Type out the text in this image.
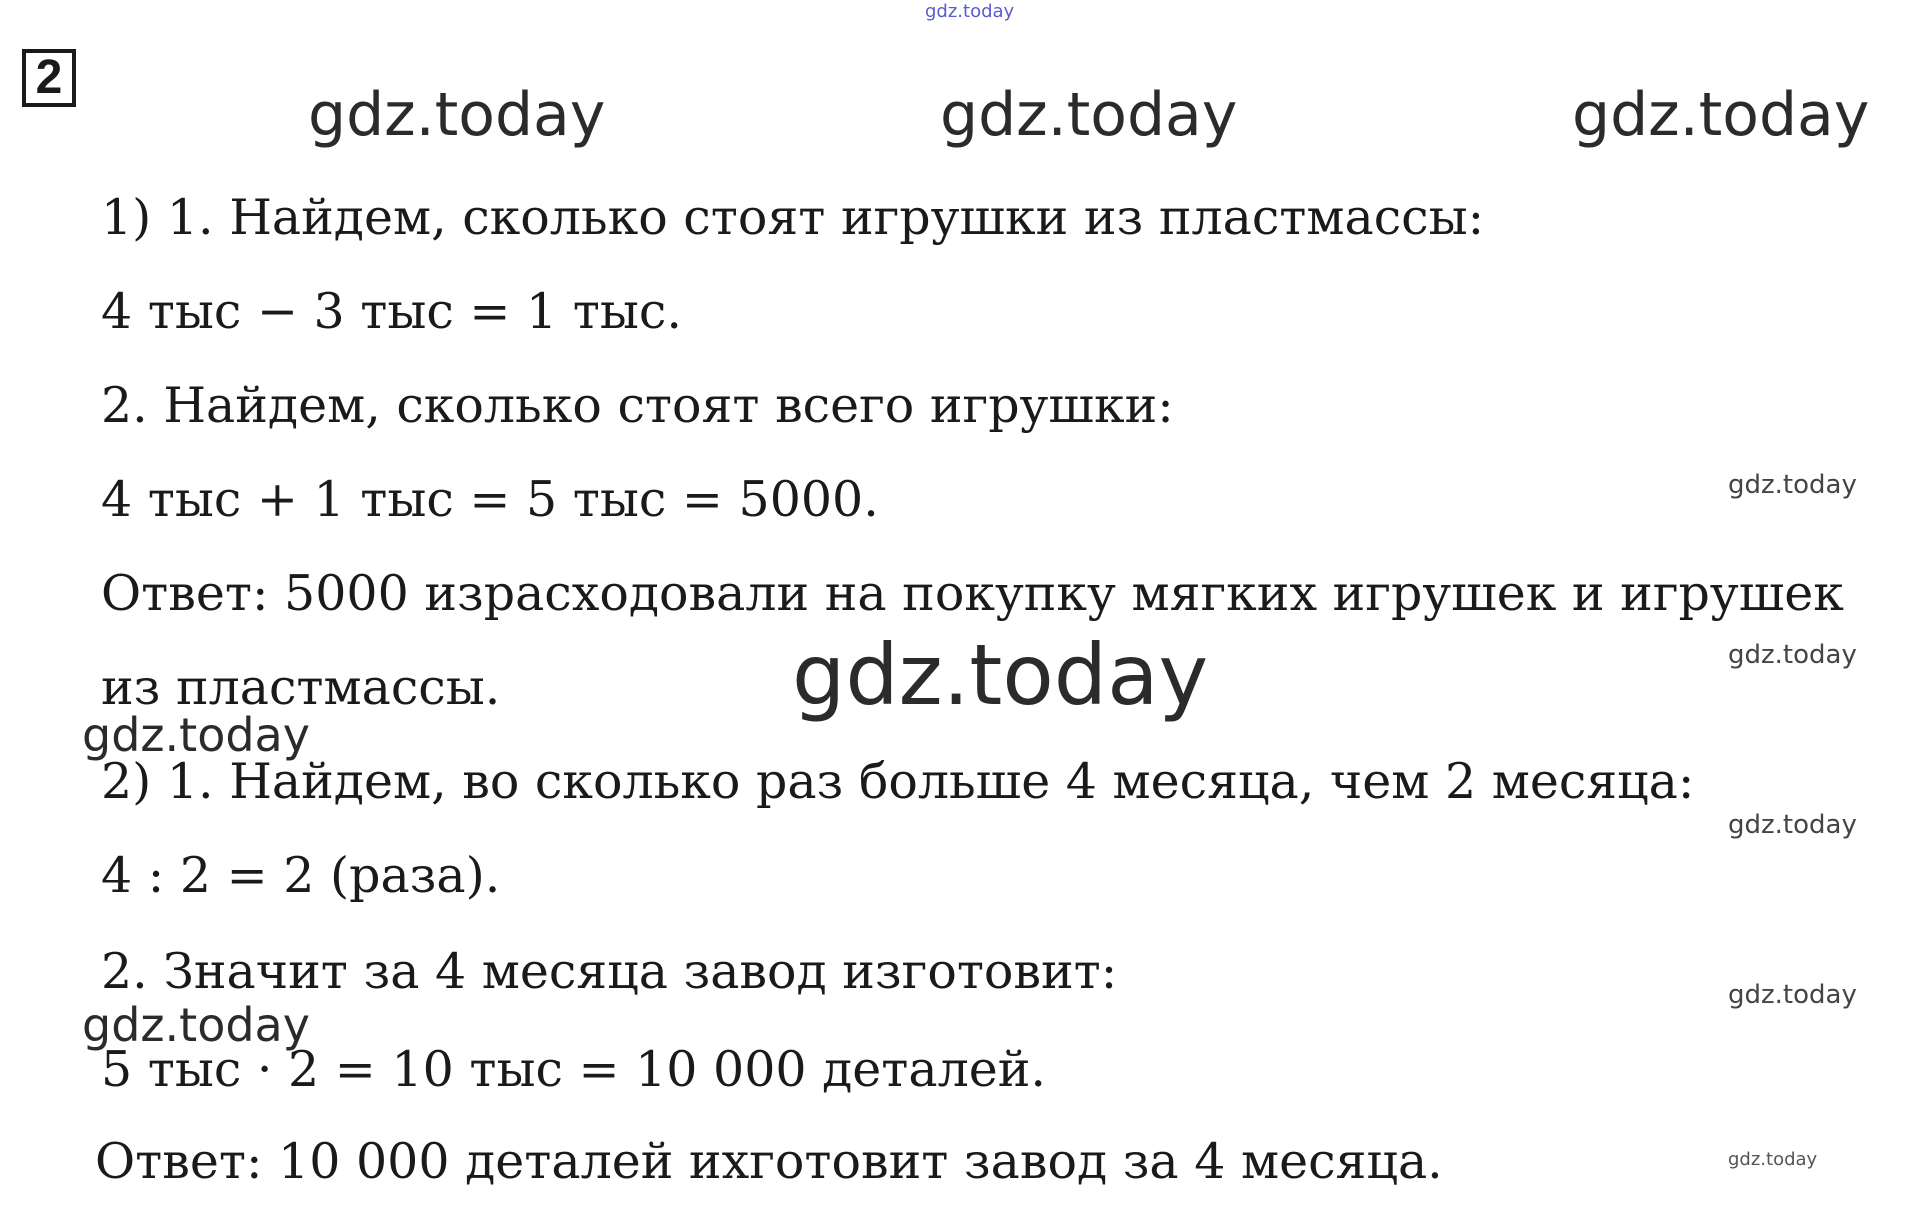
gdz.today
2
gdz.today	gdz.today	gdz.today
1) 1. Найдем, сколько стоят игрушки из пластмассы:
4 тыс − 3 тыс = 1 тыс.
2. Найдем, сколько стоят всего игрушки:
4 тыс + 1 тыс = 5 тыс = 5000.
Ответ: 5000 израсходовали на покупку мягких игрушек и игрушек
из пластмассы.
2) 1. Найдем, во сколько раз больше 4 месяца, чем 2 месяца:
4 : 2 = 2 (раза).
2. Значит за 4 месяца завод изготовит:
5 тыс · 2 = 10 тыс = 10 000 деталей.
Ответ: 10 000 деталей ихготовит завод за 4 месяца.
gdz.today
gdz.today
gdz.today
gdz.today
gdz.today
gdz.today
gdz.today
gdz.today
